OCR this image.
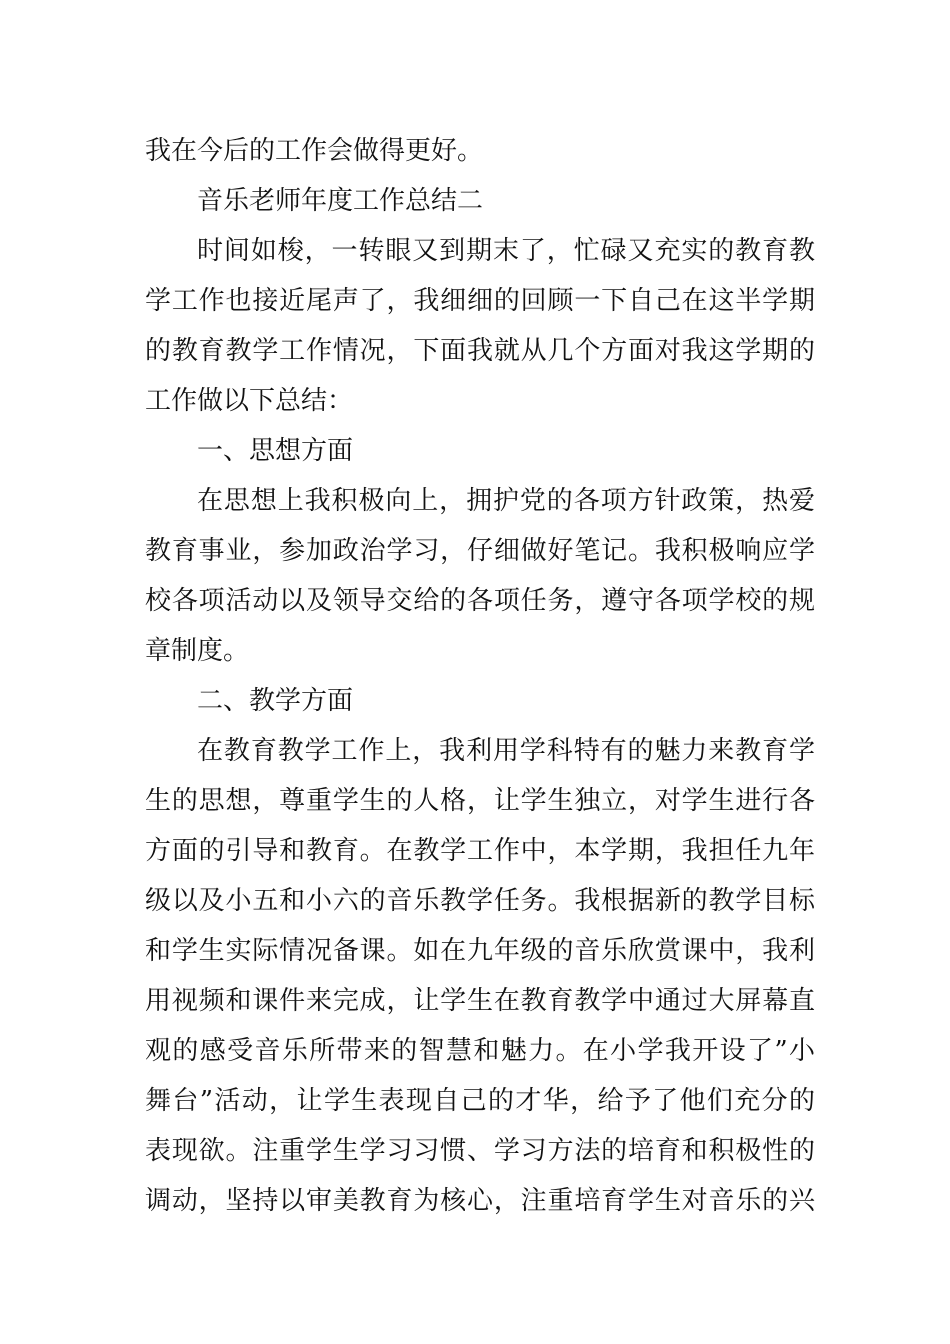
我在今后的工作会做得更好。
音乐老师年度工作总结二
时间如梭，一转眼又到期末了，忙碌又充实的教育教
学工作也接近尾声了，我细细的回顾一下自己在这半学期
的教育教学工作情况，下面我就从几个方面对我这学期的
工作做以下总结：
一、思想方面
在思想上我积极向上，拥护党的各项方针政策，热爱
教育事业，参加政治学习，仔细做好笔记。我积极响应学
校各项活动以及领导交给的各项任务，遵守各项学校的规
章制度。
二、教学方面
在教育教学工作上，我利用学科特有的魅力来教育学
生的思想，尊重学生的人格，让学生独立，对学生进行各
方面的引导和教育。在教学工作中，本学期，我担任九年
级以及小五和小六的音乐教学任务。我根据新的教学目标
和学生实际情况备课。如在九年级的音乐欣赏课中，我利
用视频和课件来完成，让学生在教育教学中通过大屏幕直
观的感受音乐所带来的智慧和魅力。在小学我开设了”小
舞台”活动，让学生表现自己的才华，给予了他们充分的
表现欲。注重学生学习习惯、学习方法的培育和积极性的
调动，坚持以审美教育为核心，注重培育学生对音乐的兴
